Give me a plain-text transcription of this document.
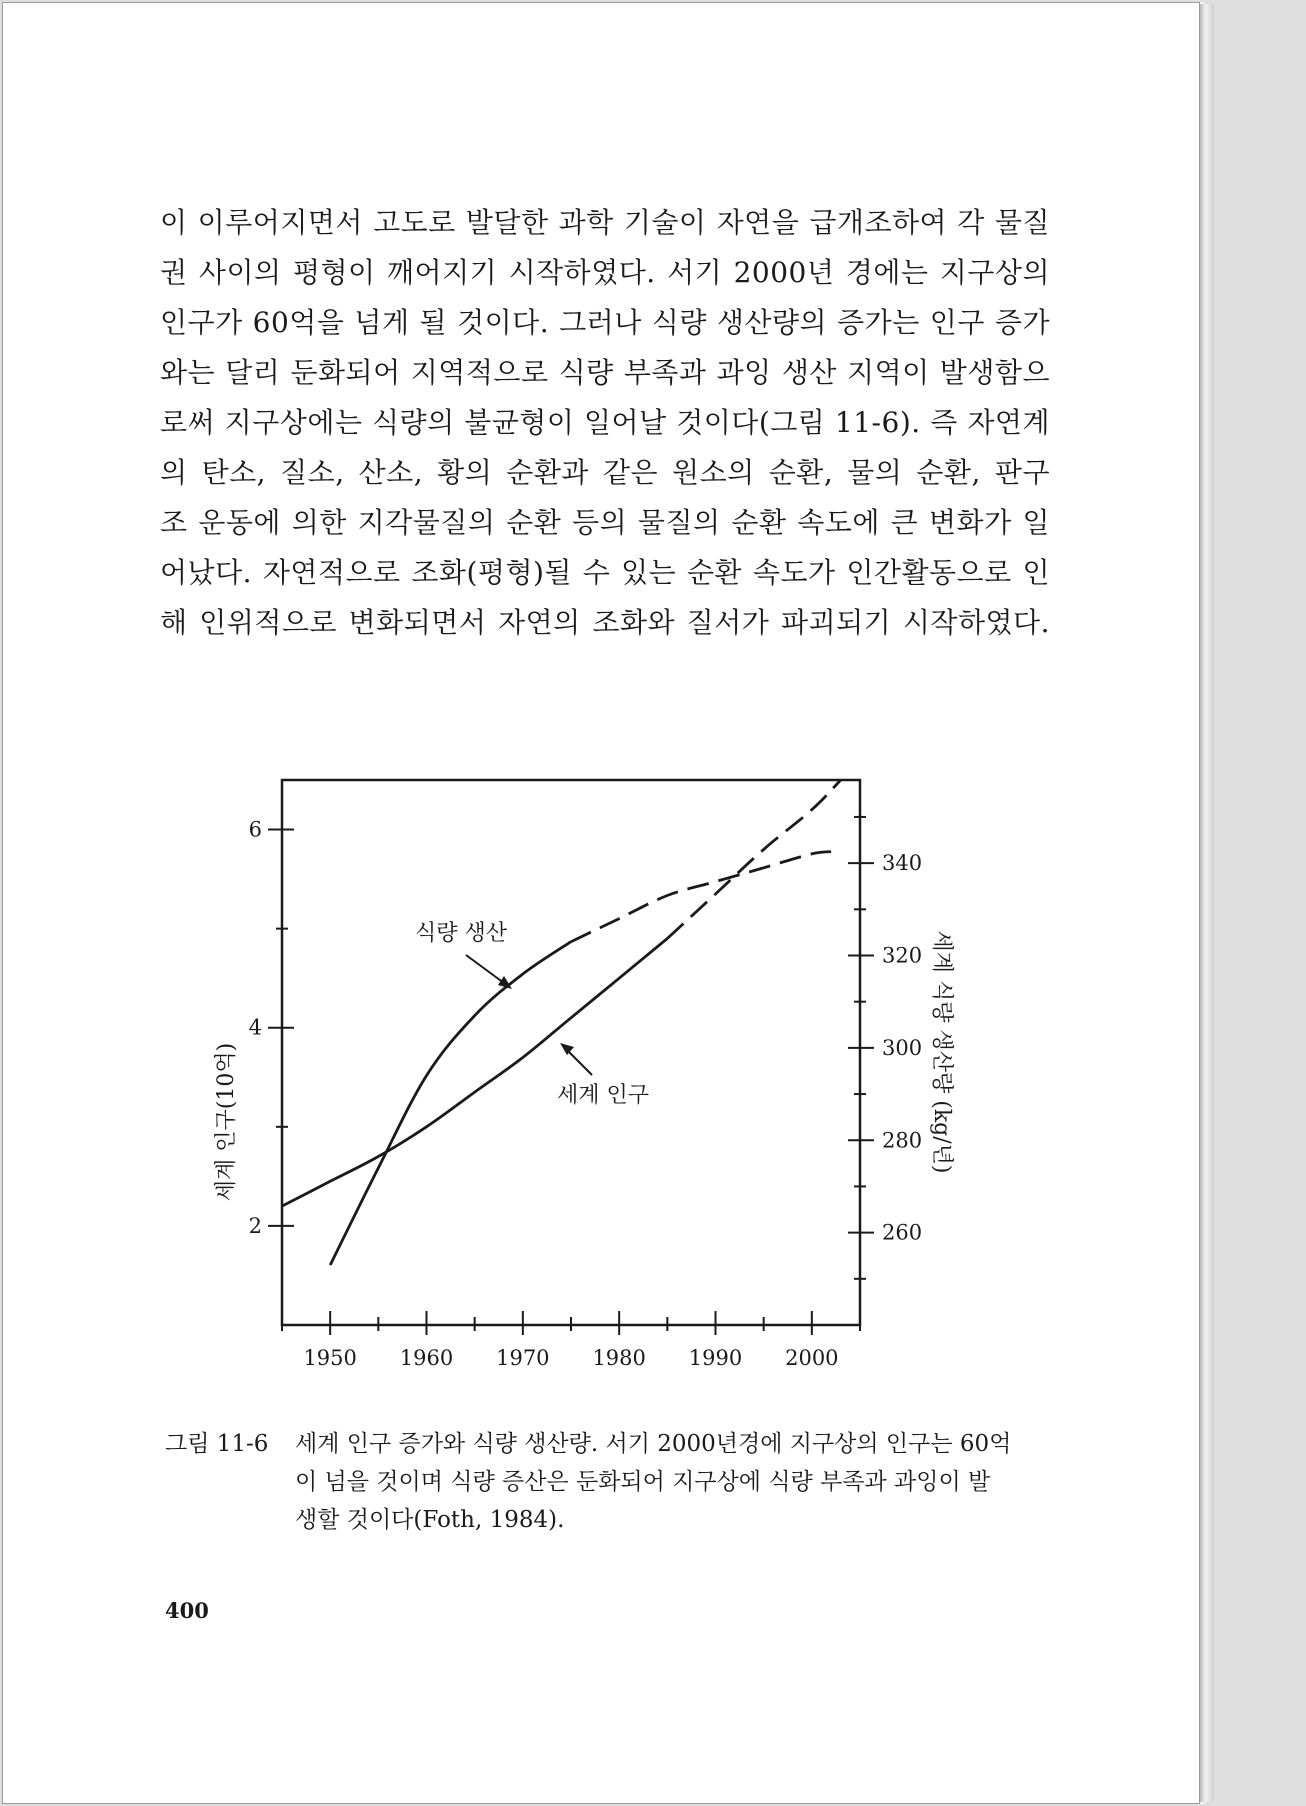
이 이루어지면서 고도로 발달한 과학 기술이 자연을 급개조하여 각 물질
권 사이의 평형이 깨어지기 시작하였다. 서기 2000년 경에는 지구상의
인구가 60억을 넘게 될 것이다. 그러나 식량 생산량의 증가는 인구 증가
와는 달리 둔화되어 지역적으로 식량 부족과 과잉 생산 지역이 발생함으
로써 지구상에는 식량의 불균형이 일어날 것이다(그림 11-6). 즉 자연계
의 탄소, 질소, 산소, 황의 순환과 같은 원소의 순환, 물의 순환, 판구
조 운동에 의한 지각물질의 순환 등의 물질의 순환 속도에 큰 변화가 일
어났다. 자연적으로 조화(평형)될 수 있는 순환 속도가 인간활동으로 인
해 인위적으로 변화되면서 자연의 조화와 질서가 파괴되기 시작하였다.
1950 1960 1970 1980 1990 2000
2
4
6
260
280
300
320
340
식량 생산
세계 인구
세계 인구(10억)	세계 식량 생산량 (kg/년)
그림 11-6 세계 인구 증가와 식량 생산량. 서기 2000년경에 지구상의 인구는 60억
이 넘을 것이며 식량 증산은 둔화되어 지구상에 식량 부족과 과잉이 발
생할 것이다(Foth, 1984).
400
